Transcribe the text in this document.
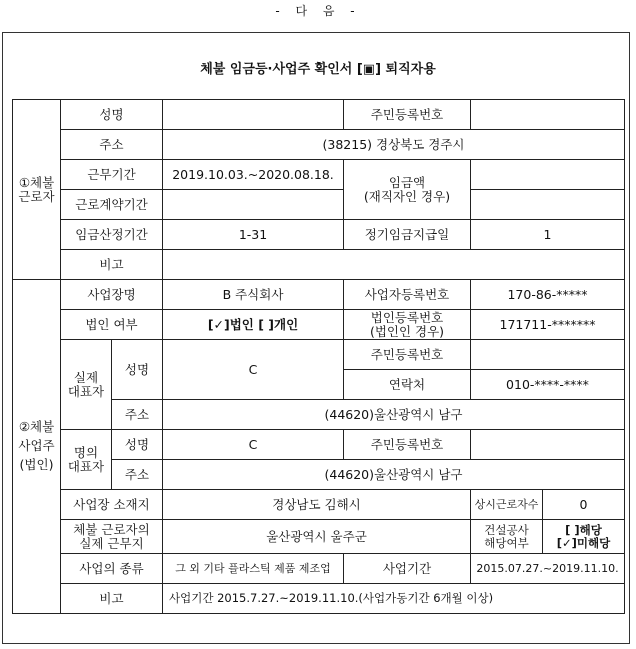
- 다 음 -
체불 임금등·사업주 확인서 [▣] 퇴직자용
①체불
근로자	성명			주민등록번호		
	주소		(38215) 경상북도 경주시			
	근무기간		2019.10.03.~2020.08.18.	임금액
(재직자인 경우)		
	근로계약기간					
	임금산정기간		1-31	정기임금지급일	1	
	비고					
②체불
사업주
(법인)	사업장명		B 주식회사	사업자등록번호	170-86-*****	
	법인 여부		[✓]법인 [ ]개인	법인등록번호
(법인인 경우)	171711-*******	
	실제
대표자	성명	C	주민등록번호		
				연락처	010-****-****	
		주소	(44620)울산광역시 남구			
	명의
대표자	성명	C	주민등록번호		
		주소	(44620)울산광역시 남구			
	사업장 소재지		경상남도 김해시		상시근로자수	0
	체불 근로자의
실제 근무지		울산광역시 울주군		건설공사
해당여부	[ ]해당
[✓]미해당
	사업의 종류		그 외 기타 플라스틱 제품 제조업	사업기간	2015.07.27.~2019.11.10.	
	비고		사업기간 2015.7.27.~2019.11.10.(사업가동기간 6개월 이상)			
